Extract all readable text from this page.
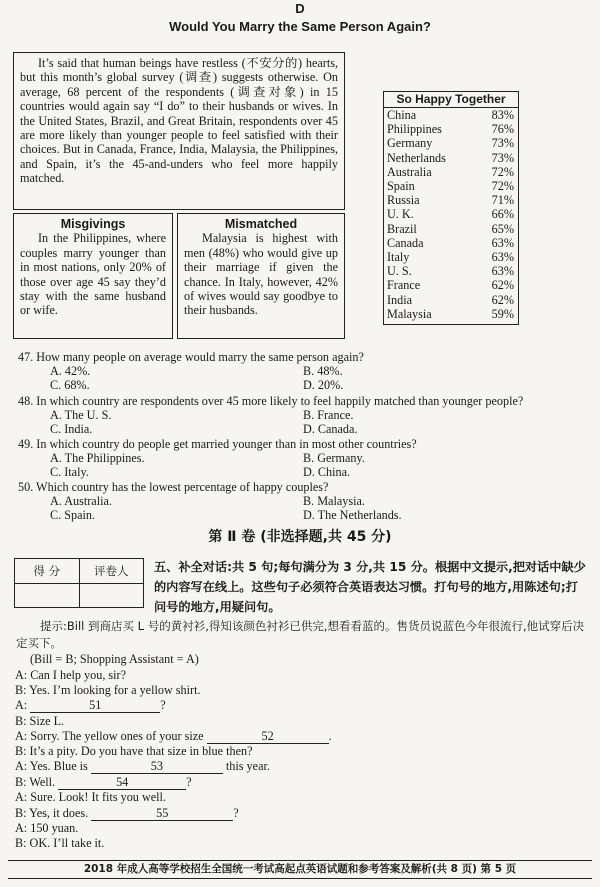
D
Would You Marry the Same Person Again?

It’s said that human beings have restless (不安分的) hearts, but this month’s global survey (调查) suggests otherwise. On average, 68 percent of the respondents (调查对象) in 15 countries would again say “I do” to their husbands or wives. In the United States, Brazil, and Great Britain, respondents over 45 are more likely than younger people to feel satisfied with their choices. But in Canada, France, India, Malaysia, the Philippines, and Spain, it’s the 45-and-unders who feel more happily matched.

Misgivings

In the Philippines, where couples marry younger than in most nations, only 20% of those over age 45 say they’d stay with the same husband or wife.

Mismatched

Malaysia is highest with men (48%) who would give up their marriage if given the chance. In Italy, however, 42% of wives would say goodbye to their husbands.

So Happy Together
China	83%
Philippines	76%
Germany	73%
Netherlands	73%
Australia	72%
Spain	72%
Russia	71%
U. K.	66%
Brazil	65%
Canada	63%
Italy	63%
U. S.	63%
France	62%
India	62%
Malaysia	59%
47. How many people on average would marry the same person again?
A. 42%.	B. 48%.
C. 68%.	D. 20%.
48. In which country are respondents over 45 more likely to feel happily matched than younger people?
A. The U. S.	B. France.
C. India.	D. Canada.
49. In which country do people get married younger than in most other countries?
A. The Philippines.	B. Germany.
C. Italy.	D. China.
50. Which country has the lowest percentage of happy couples?
A. Australia.	B. Malaysia.
C. Spain.	D. The Netherlands.
第 Ⅱ 卷 (非选择题,共 45 分)
得 分	评卷人	五、补全对话:共 5 句;每句满分为 3 分,共 15 分。根据中文提示,把对话中缺少的内容写在线上。这些句子必须符合英语表达习惯。打句号的地方,用陈述句;打问号的地方,用疑问句。
提示:Bill 到商店买 L 号的黄衬衫,得知该颜色衬衫已供完,想看看蓝的。售货员说蓝色今年很流行,他试穿后决定买下。
(Bill = B; Shopping Assistant = A)
A: Can I help you, sir?
B: Yes. I’m looking for a yellow shirt.
A:	51	?
B: Size L.
A: Sorry. The yellow ones of your size	52	.
B: It’s a pity. Do you have that size in blue then?
A: Yes. Blue is	53	this year.
B: Well.	54	?
A: Sure. Look! It fits you well.
B: Yes, it does.	55	?
A: 150 yuan.
B: OK. I’ll take it.
2018 年成人高等学校招生全国统一考试高起点英语试题和参考答案及解析(共 8 页) 第 5 页
